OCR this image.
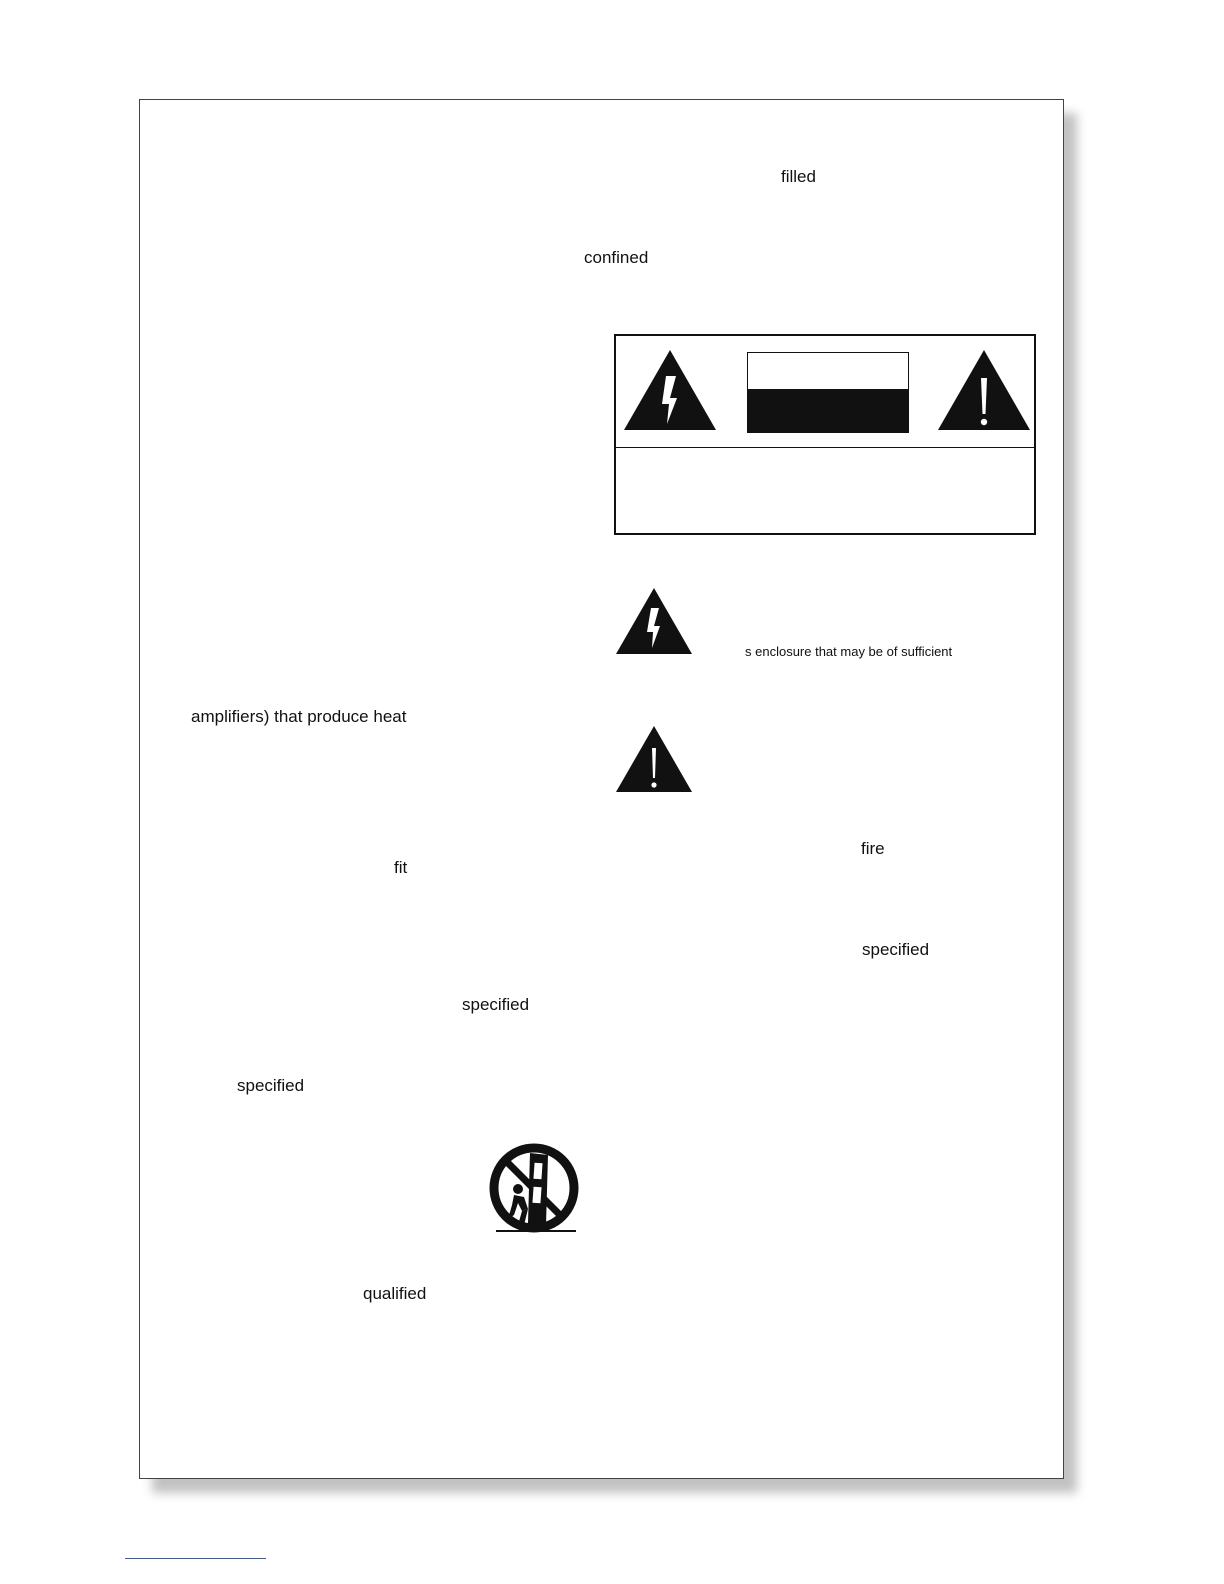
filled
confined
s enclosure that may be of sufficient
amplifiers) that produce heat
fit
specified
specified
qualified
fire
specified
